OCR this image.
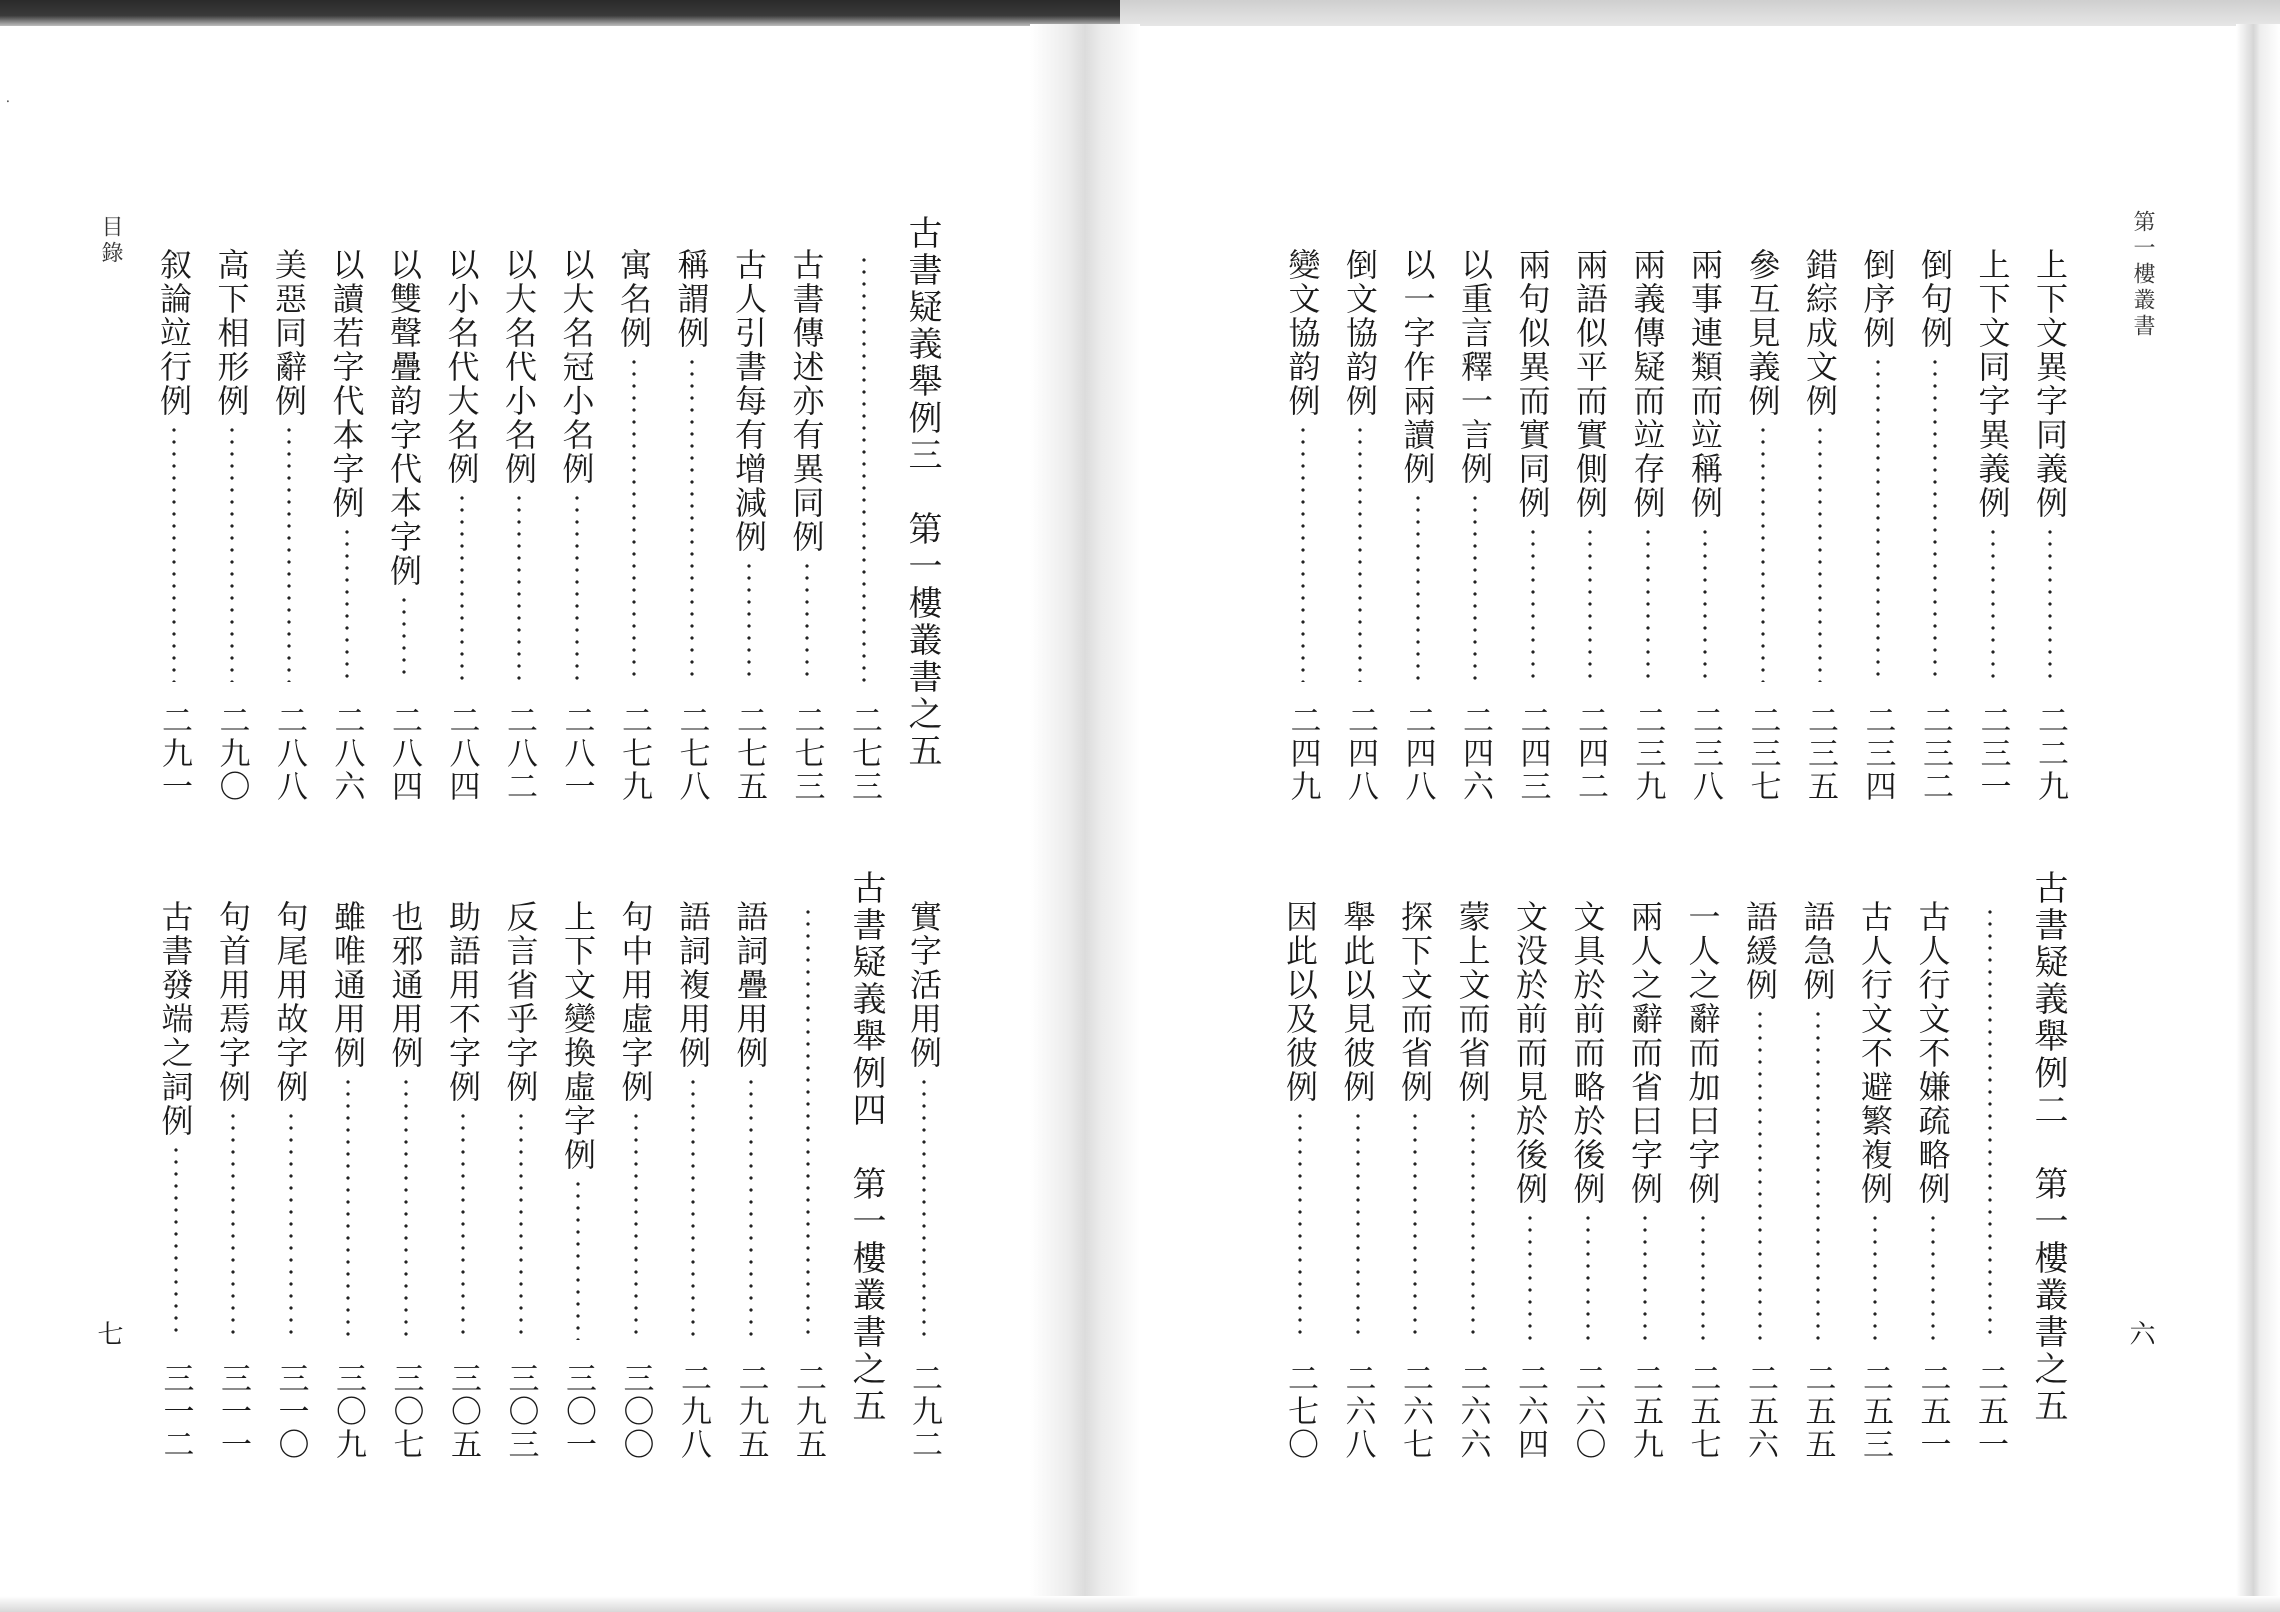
⸱
第一樓叢書
六
上下文異字同義例
二二九
上下文同字異義例
二三一
倒句例
二三二
倒序例
二三四
錯綜成文例
二三五
參互見義例
二三七
兩事連類而竝稱例
二三八
兩義傳疑而竝存例
二三九
兩語似平而實側例
二四二
兩句似異而實同例
二四三
以重言釋一言例
二四六
以一字作兩讀例
二四八
倒文協韵例
二四八
變文協韵例
二四九
古書疑義舉例二　第一樓叢書之五
二五一
古人行文不嫌疏略例
二五一
古人行文不避繁複例
二五三
語急例
二五五
語緩例
二五六
一人之辭而加曰字例
二五七
兩人之辭而省曰字例
二五九
文具於前而略於後例
二六〇
文没於前而見於後例
二六四
蒙上文而省例
二六六
探下文而省例
二六七
舉此以見彼例
二六八
因此以及彼例
二七〇
目錄
七
古書疑義舉例三　第一樓叢書之五
二七三
古書傳述亦有異同例
二七三
古人引書每有增減例
二七五
稱謂例
二七八
寓名例
二七九
以大名冠小名例
二八一
以大名代小名例
二八二
以小名代大名例
二八四
以雙聲疊韵字代本字例
二八四
以讀若字代本字例
二八六
美惡同辭例
二八八
高下相形例
二九〇
叙論竝行例
二九一
實字活用例
二九二
古書疑義舉例四　第一樓叢書之五
二九五
語詞疊用例
二九五
語詞複用例
二九八
句中用虛字例
三〇〇
上下文變換虛字例
三〇一
反言省乎字例
三〇三
助語用不字例
三〇五
也邪通用例
三〇七
雖唯通用例
三〇九
句尾用故字例
三一〇
句首用焉字例
三一一
古書發端之詞例
三一二
